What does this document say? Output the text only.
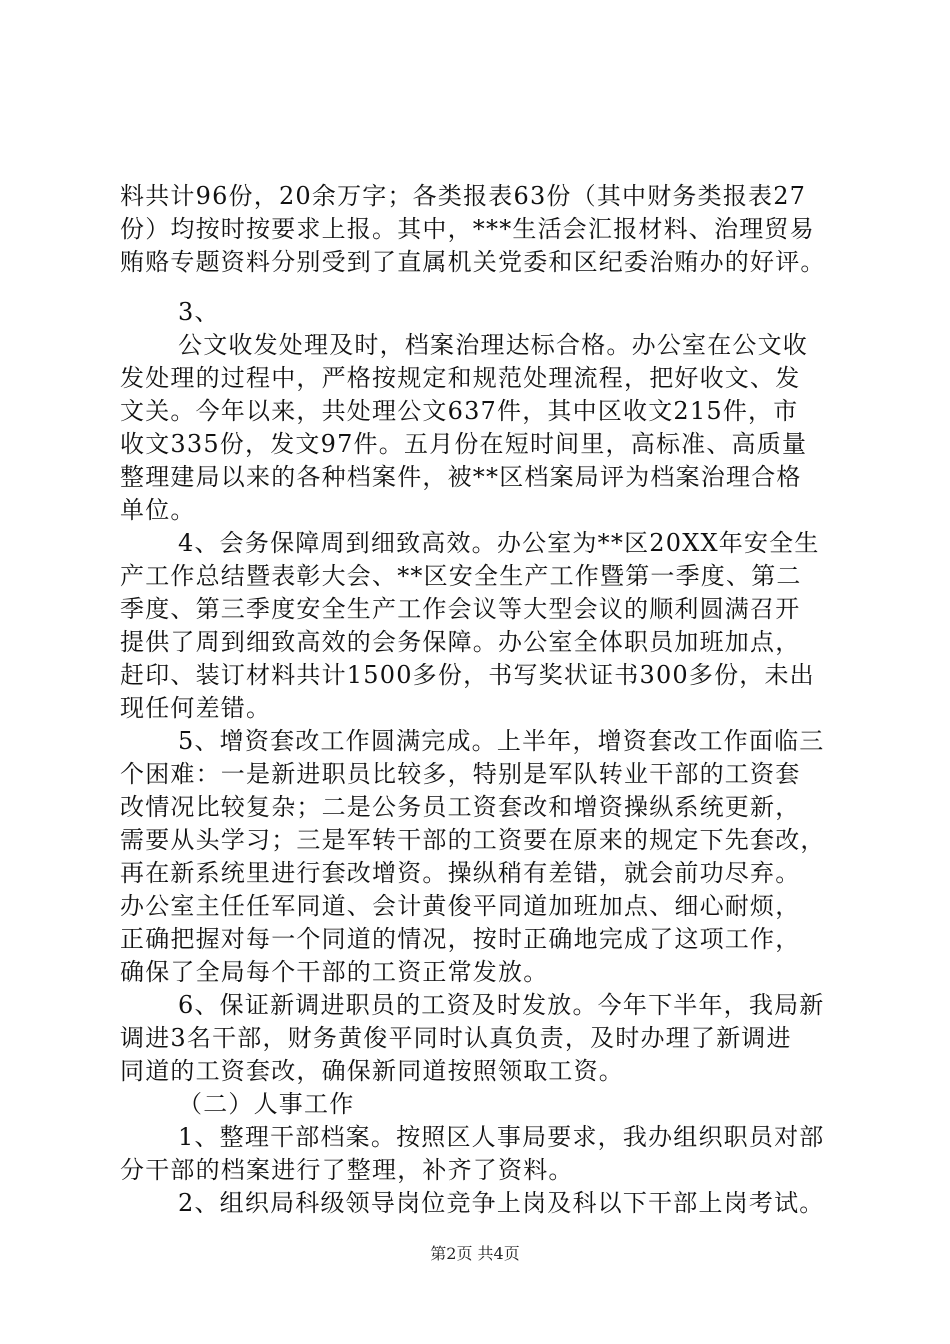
料共计96份，20余万字；各类报表63份（其中财务类报表27
份）均按时按要求上报。其中，***生活会汇报材料、治理贸易
贿赂专题资料分别受到了直属机关党委和区纪委治贿办的好评。
3、
公文收发处理及时，档案治理达标合格。办公室在公文收
发处理的过程中，严格按规定和规范处理流程，把好收文、发
文关。今年以来，共处理公文637件，其中区收文215件，市
收文335份，发文97件。五月份在短时间里，高标准、高质量
整理建局以来的各种档案件，被**区档案局评为档案治理合格
单位。
4、会务保障周到细致高效。办公室为**区20XX年安全生
产工作总结暨表彰大会、**区安全生产工作暨第一季度、第二
季度、第三季度安全生产工作会议等大型会议的顺利圆满召开
提供了周到细致高效的会务保障。办公室全体职员加班加点，
赶印、装订材料共计1500多份，书写奖状证书300多份，未出
现任何差错。
5、增资套改工作圆满完成。上半年，增资套改工作面临三
个困难：一是新进职员比较多，特别是军队转业干部的工资套
改情况比较复杂；二是公务员工资套改和增资操纵系统更新，
需要从头学习；三是军转干部的工资要在原来的规定下先套改，
再在新系统里进行套改增资。操纵稍有差错，就会前功尽弃。
办公室主任任军同道、会计黄俊平同道加班加点、细心耐烦，
正确把握对每一个同道的情况，按时正确地完成了这项工作，
确保了全局每个干部的工资正常发放。
6、保证新调进职员的工资及时发放。今年下半年，我局新
调进3名干部，财务黄俊平同时认真负责，及时办理了新调进
同道的工资套改，确保新同道按照领取工资。
（二）人事工作
1、整理干部档案。按照区人事局要求，我办组织职员对部
分干部的档案进行了整理，补齐了资料。
2、组织局科级领导岗位竞争上岗及科以下干部上岗考试。
第2页 共4页
